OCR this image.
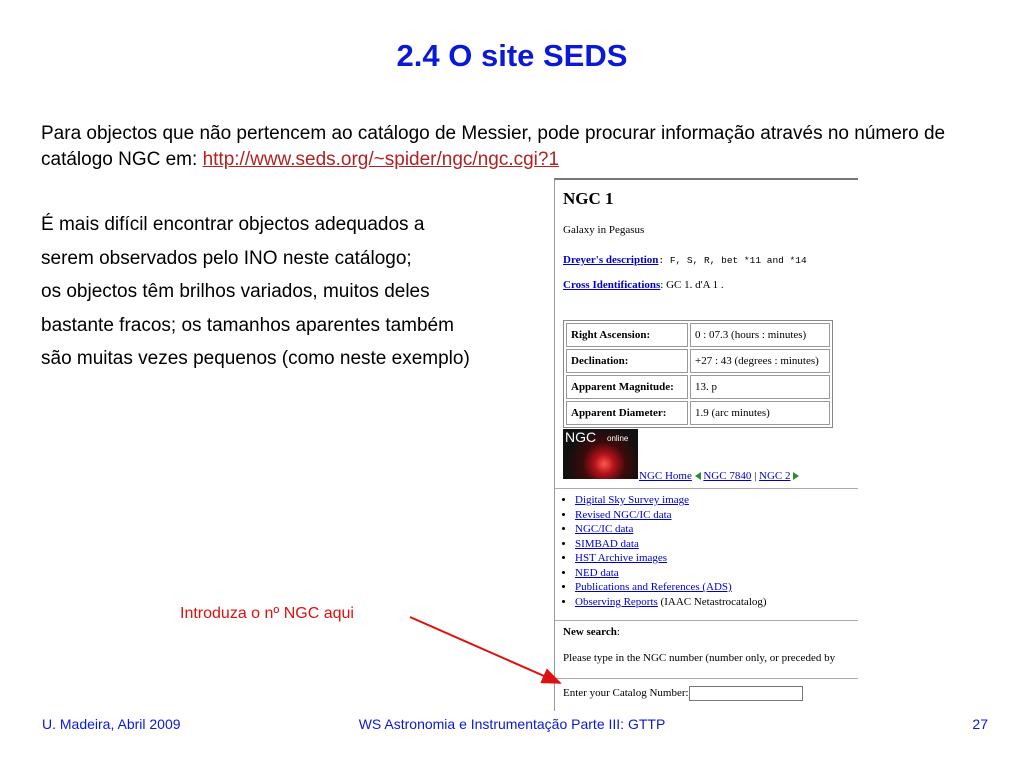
2.4 O site SEDS
Para objectos que não pertencem ao catálogo de Messier, pode procurar informação através no número de catálogo NGC em: http://www.seds.org/~spider/ngc/ngc.cgi?1
É mais difícil encontrar objectos adequados a
serem observados pelo INO neste catálogo;
os objectos têm brilhos variados, muitos deles
bastante fracos; os tamanhos aparentes também
são muitas vezes pequenos (como neste exemplo)
NGC 1
Galaxy in Pegasus
Dreyer's description: F, S, R, bet *11 and *14
Cross Identifications: GC 1. d'A 1 .
Right Ascension:	0 : 07.3 (hours : minutes)
Declination:	+27 : 43 (degrees : minutes)
Apparent Magnitude:	13. p
Apparent Diameter:	1.9 (arc minutes)
NGC online
NGC Home NGC 7840 | NGC 2
• Digital Sky Survey image
• Revised NGC/IC data
• NGC/IC data
• SIMBAD data
• HST Archive images
• NED data
• Publications and References (ADS)
• Observing Reports (IAAC Netastrocatalog)
New search:
Please type in the NGC number (number only, or preceded by
Enter your Catalog Number:
Introduza o nº NGC aqui
U. Madeira, Abril 2009	WS Astronomia e Instrumentação Parte III: GTTP	27
